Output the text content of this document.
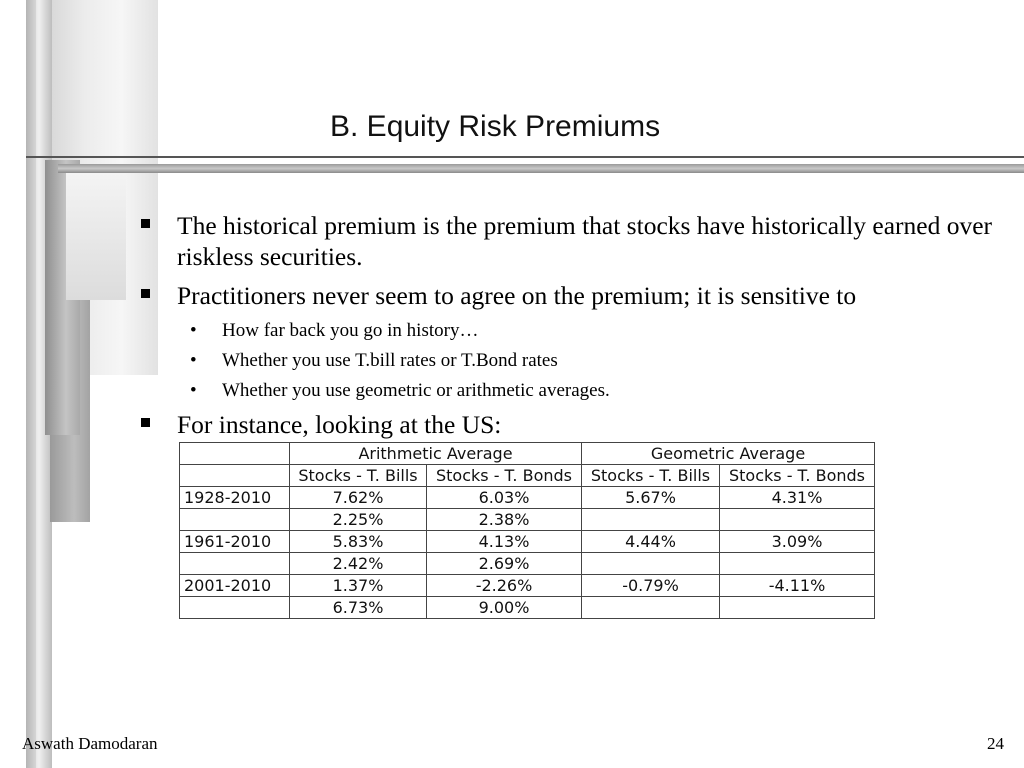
B. Equity Risk Premiums
The historical premium is the premium that stocks have historically earned over riskless securities.
Practitioners never seem to agree on the premium; it is sensitive to
• How far back you go in history…
• Whether you use T.bill rates or T.Bond rates
• Whether you use geometric or arithmetic averages.
For instance, looking at the US:
	Arithmetic Average		Geometric Average	
	Stocks - T. Bills	Stocks - T. Bonds	Stocks - T. Bills	Stocks - T. Bonds
1928-2010	7.62%	6.03%	5.67%	4.31%
	2.25%	2.38%		
1961-2010	5.83%	4.13%	4.44%	3.09%
	2.42%	2.69%		
2001-2010	1.37%	-2.26%	-0.79%	-4.11%
	6.73%	9.00%		
Aswath Damodaran	24
